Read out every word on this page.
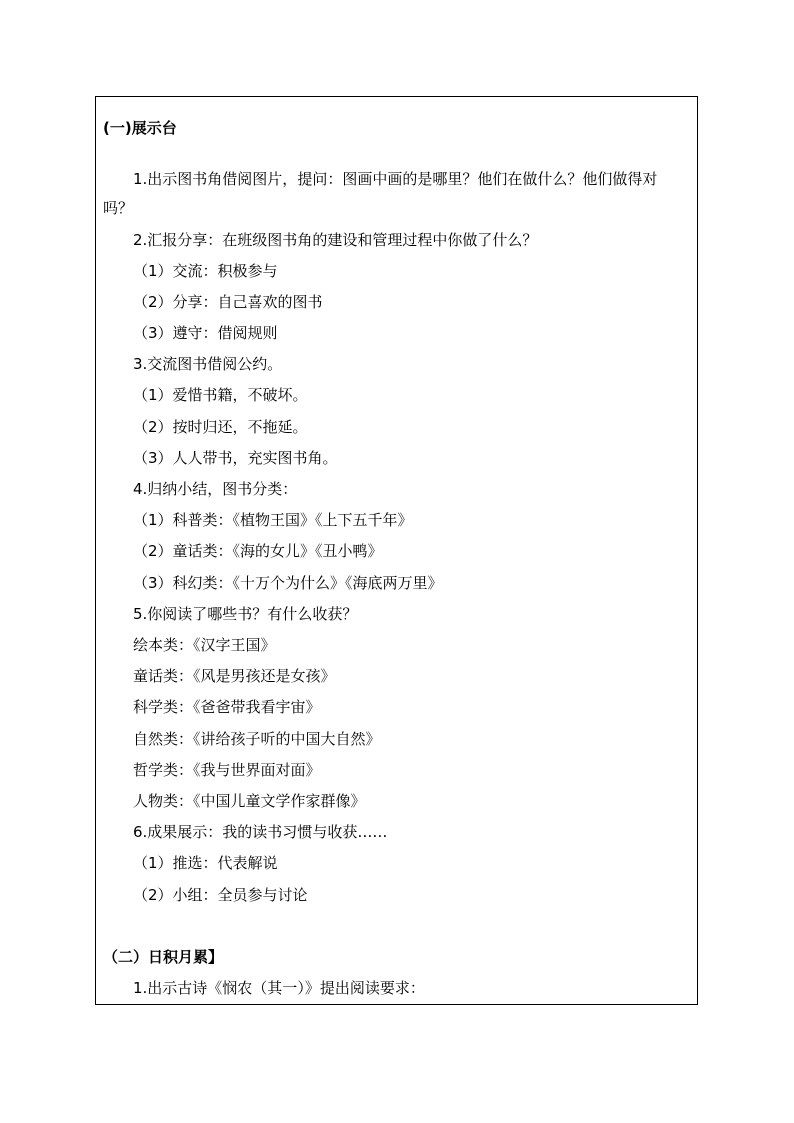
(一)展示台
1.出示图书角借阅图片，提问：图画中画的是哪里？他们在做什么？他们做得对
吗？
2.汇报分享：在班级图书角的建设和管理过程中你做了什么？
（1）交流：积极参与
（2）分享：自己喜欢的图书
（3）遵守：借阅规则
3.交流图书借阅公约。
（1）爱惜书籍，不破坏。
（2）按时归还，不拖延。
（3）人人带书，充实图书角。
4.归纳小结，图书分类：
（1）科普类：《植物王国》《上下五千年》
（2）童话类：《海的女儿》《丑小鸭》
（3）科幻类：《十万个为什么》《海底两万里》
5.你阅读了哪些书？有什么收获？
绘本类：《汉字王国》
童话类：《风是男孩还是女孩》
科学类：《爸爸带我看宇宙》
自然类：《讲给孩子听的中国大自然》
哲学类：《我与世界面对面》
人物类：《中国儿童文学作家群像》
6.成果展示：我的读书习惯与收获……
（1）推选：代表解说
（2）小组：全员参与讨论
（二）日积月累】
1.出示古诗《悯农（其一）》提出阅读要求：
